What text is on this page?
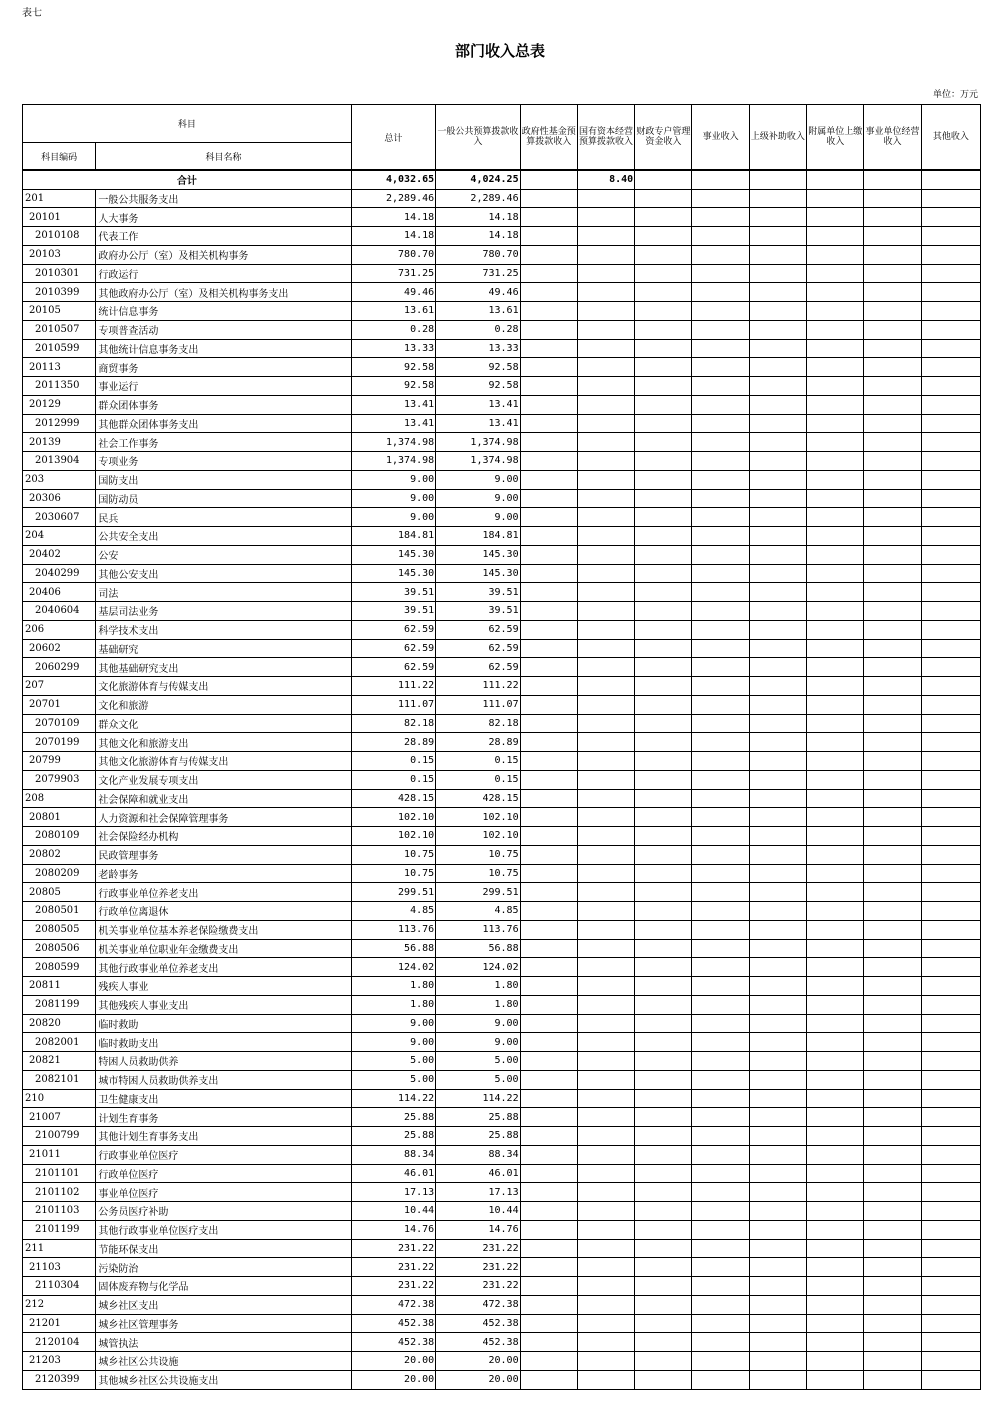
表七
部门收入总表
单位：万元
科目		总计	一般公共预算拨款收入	政府性基金预算拨款收入	国有资本经营预算拨款收入	财政专户管理资金收入	事业收入	上级补助收入	附属单位上缴收入	事业单位经营收入	其他收入
科目编码	科目名称										
合计		4,032.65	4,024.25		8.40						
201	一般公共服务支出	2,289.46	2,289.46								
20101	人大事务	14.18	14.18								
2010108	代表工作	14.18	14.18								
20103	政府办公厅（室）及相关机构事务	780.70	780.70								
2010301	行政运行	731.25	731.25								
2010399	其他政府办公厅（室）及相关机构事务支出	49.46	49.46								
20105	统计信息事务	13.61	13.61								
2010507	专项普查活动	0.28	0.28								
2010599	其他统计信息事务支出	13.33	13.33								
20113	商贸事务	92.58	92.58								
2011350	事业运行	92.58	92.58								
20129	群众团体事务	13.41	13.41								
2012999	其他群众团体事务支出	13.41	13.41								
20139	社会工作事务	1,374.98	1,374.98								
2013904	专项业务	1,374.98	1,374.98								
203	国防支出	9.00	9.00								
20306	国防动员	9.00	9.00								
2030607	民兵	9.00	9.00								
204	公共安全支出	184.81	184.81								
20402	公安	145.30	145.30								
2040299	其他公安支出	145.30	145.30								
20406	司法	39.51	39.51								
2040604	基层司法业务	39.51	39.51								
206	科学技术支出	62.59	62.59								
20602	基础研究	62.59	62.59								
2060299	其他基础研究支出	62.59	62.59								
207	文化旅游体育与传媒支出	111.22	111.22								
20701	文化和旅游	111.07	111.07								
2070109	群众文化	82.18	82.18								
2070199	其他文化和旅游支出	28.89	28.89								
20799	其他文化旅游体育与传媒支出	0.15	0.15								
2079903	文化产业发展专项支出	0.15	0.15								
208	社会保障和就业支出	428.15	428.15								
20801	人力资源和社会保障管理事务	102.10	102.10								
2080109	社会保险经办机构	102.10	102.10								
20802	民政管理事务	10.75	10.75								
2080209	老龄事务	10.75	10.75								
20805	行政事业单位养老支出	299.51	299.51								
2080501	行政单位离退休	4.85	4.85								
2080505	机关事业单位基本养老保险缴费支出	113.76	113.76								
2080506	机关事业单位职业年金缴费支出	56.88	56.88								
2080599	其他行政事业单位养老支出	124.02	124.02								
20811	残疾人事业	1.80	1.80								
2081199	其他残疾人事业支出	1.80	1.80								
20820	临时救助	9.00	9.00								
2082001	临时救助支出	9.00	9.00								
20821	特困人员救助供养	5.00	5.00								
2082101	城市特困人员救助供养支出	5.00	5.00								
210	卫生健康支出	114.22	114.22								
21007	计划生育事务	25.88	25.88								
2100799	其他计划生育事务支出	25.88	25.88								
21011	行政事业单位医疗	88.34	88.34								
2101101	行政单位医疗	46.01	46.01								
2101102	事业单位医疗	17.13	17.13								
2101103	公务员医疗补助	10.44	10.44								
2101199	其他行政事业单位医疗支出	14.76	14.76								
211	节能环保支出	231.22	231.22								
21103	污染防治	231.22	231.22								
2110304	固体废弃物与化学品	231.22	231.22								
212	城乡社区支出	472.38	472.38								
21201	城乡社区管理事务	452.38	452.38								
2120104	城管执法	452.38	452.38								
21203	城乡社区公共设施	20.00	20.00								
2120399	其他城乡社区公共设施支出	20.00	20.00								
